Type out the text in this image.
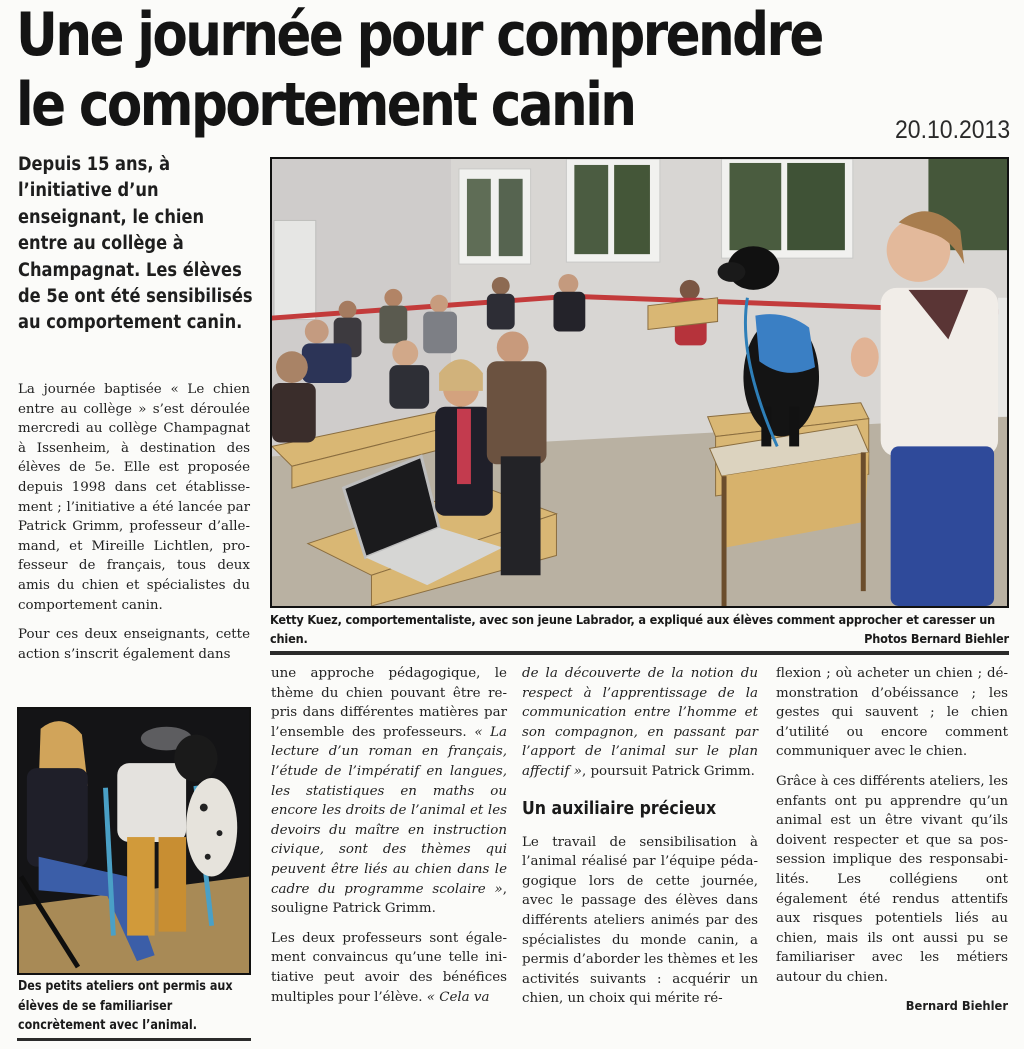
Une journée pour comprendre
le comportement canin	20.10.2013
Depuis 15 ans, à l’initiative d’un enseignant, le chien entre au collège à Champagnat. Les élèves de 5e ont été sensibilisés au comportement canin.

La journée baptisée « Le chien entre au collège » s’est déroulée mercredi au collège Champagnat à Issenheim, à destination des élèves de 5e. Elle est proposée depuis 1998 dans cet établissement ; l’initiative a été lancée par Patrick Grimm, professeur d’allemand, et Mireille Lichtlen, professeur de français, tous deux amis du chien et spécialistes du comportement canin.

Pour ces deux enseignants, cette action s’inscrit également dans

Ketty Kuez, comportementaliste, avec son jeune Labrador, a expliqué aux élèves comment approcher et caresser un chien.	Photos Bernard Biehler

une approche pédagogique, le thème du chien pouvant être repris dans différentes matières par l’ensemble des professeurs. « La lecture d’un roman en français, l’étude de l’impératif en langues, les statistiques en maths ou encore les droits de l’animal et les devoirs du maître en instruction civique, sont des thèmes qui peuvent être liés au chien dans le cadre du programme scolaire », souligne Patrick Grimm.

Les deux professeurs sont également convaincus qu’une telle initiative peut avoir des bénéfices multiples pour l’élève. « Cela va

de la découverte de la notion du respect à l’apprentissage de la communication entre l’homme et son compagnon, en passant par l’apport de l’animal sur le plan affectif », poursuit Patrick Grimm.

Un auxiliaire précieux

Le travail de sensibilisation à l’animal réalisé par l’équipe pédagogique lors de cette journée, avec le passage des élèves dans différents ateliers animés par des spécialistes du monde canin, a permis d’aborder les thèmes et les activités suivants : acquérir un chien, un choix qui mérite ré-

flexion ; où acheter un chien ; démonstration d’obéissance ; les gestes qui sauvent ; le chien d’utilité ou encore comment communiquer avec le chien.

Grâce à ces différents ateliers, les enfants ont pu apprendre qu’un animal est un être vivant qu’ils doivent respecter et que sa possession implique des responsabilités. Les collégiens ont également été rendus attentifs aux risques potentiels liés au chien, mais ils ont aussi pu se familiariser avec les métiers autour du chien.

Bernard Biehler
Des petits ateliers ont permis aux élèves de se familiariser concrètement avec l’animal.
